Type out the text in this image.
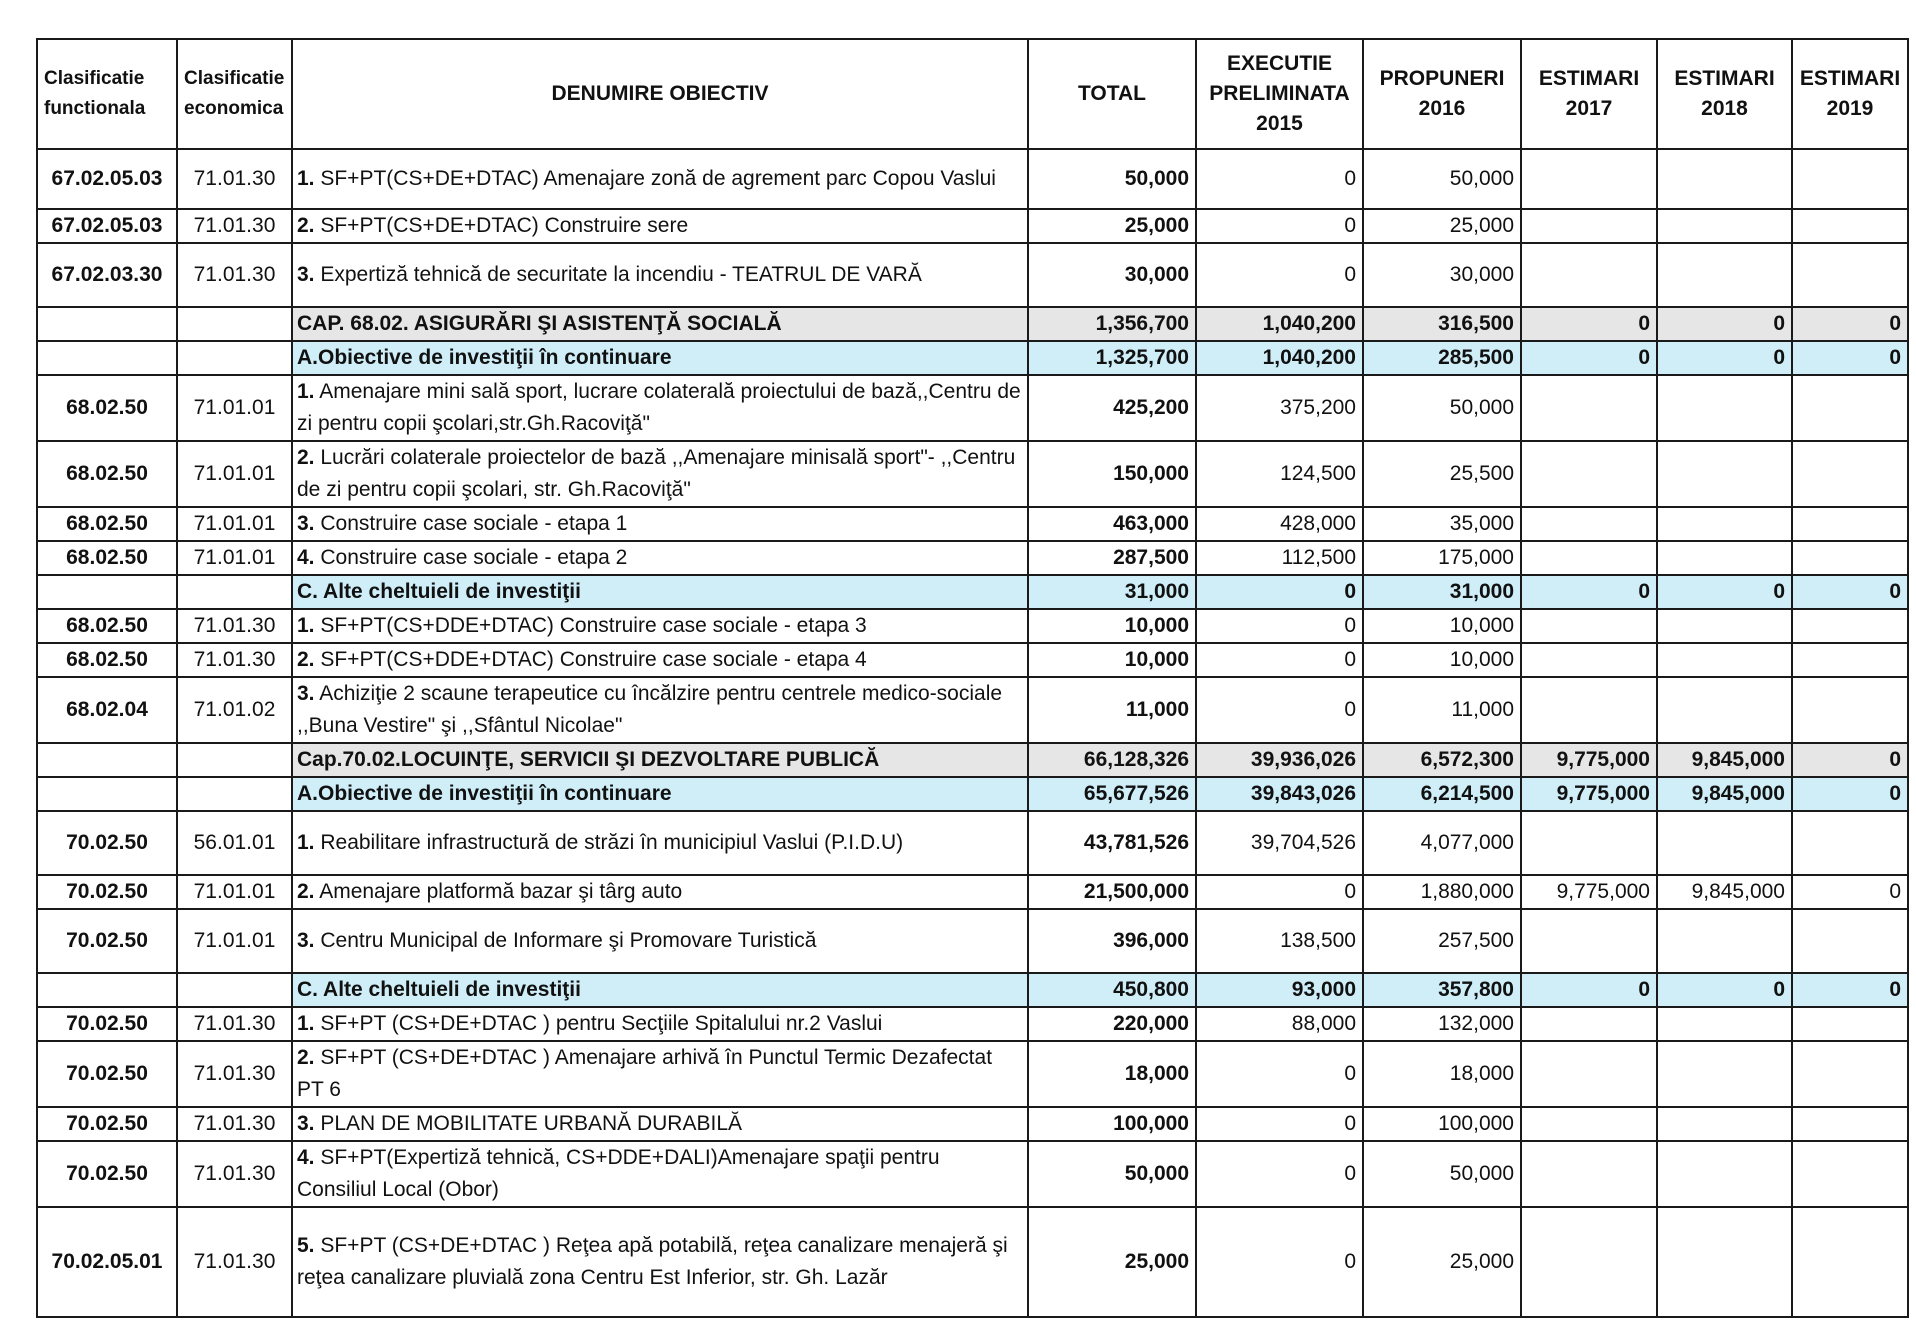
Clasificatie functionala	Clasificatie economica	DENUMIRE OBIECTIV	TOTAL	EXECUTIE PRELIMINATA 2015	PROPUNERI 2016	ESTIMARI 2017	ESTIMARI 2018	ESTIMARI 2019
67.02.05.03	71.01.30	1. SF+PT(CS+DE+DTAC) Amenajare zonă de agrement parc Copou Vaslui	50,000	0	50,000			
67.02.05.03	71.01.30	2. SF+PT(CS+DE+DTAC) Construire sere	25,000	0	25,000			
67.02.03.30	71.01.30	3. Expertiză tehnică de securitate la incendiu - TEATRUL DE VARĂ	30,000	0	30,000			
		CAP. 68.02. ASIGURĂRI ŞI ASISTENŢĂ SOCIALĂ	1,356,700	1,040,200	316,500	0	0	0
		A.Obiective de investiţii în continuare	1,325,700	1,040,200	285,500	0	0	0
68.02.50	71.01.01	1. Amenajare mini sală sport, lucrare colaterală proiectului de bază,,Centru de zi pentru copii şcolari,str.Gh.Racoviţă"	425,200	375,200	50,000			
68.02.50	71.01.01	2. Lucrări colaterale proiectelor de bază ,,Amenajare minisală sport"- ,,Centru de zi pentru copii şcolari, str. Gh.Racoviţă"	150,000	124,500	25,500			
68.02.50	71.01.01	3. Construire case sociale - etapa 1	463,000	428,000	35,000			
68.02.50	71.01.01	4. Construire case sociale - etapa 2	287,500	112,500	175,000			
		C. Alte cheltuieli de investiţii	31,000	0	31,000	0	0	0
68.02.50	71.01.30	1. SF+PT(CS+DDE+DTAC) Construire case sociale - etapa 3	10,000	0	10,000			
68.02.50	71.01.30	2. SF+PT(CS+DDE+DTAC) Construire case sociale - etapa 4	10,000	0	10,000			
68.02.04	71.01.02	3. Achiziţie 2 scaune terapeutice cu încălzire pentru centrele medico-sociale ,,Buna Vestire" şi ,,Sfântul Nicolae"	11,000	0	11,000			
		Cap.70.02.LOCUINŢE, SERVICII ŞI DEZVOLTARE PUBLICĂ	66,128,326	39,936,026	6,572,300	9,775,000	9,845,000	0
		A.Obiective de investiţii în continuare	65,677,526	39,843,026	6,214,500	9,775,000	9,845,000	0
70.02.50	56.01.01	1. Reabilitare infrastructură de străzi în municipiul Vaslui (P.I.D.U)	43,781,526	39,704,526	4,077,000			
70.02.50	71.01.01	2. Amenajare platformă bazar şi târg auto	21,500,000	0	1,880,000	9,775,000	9,845,000	0
70.02.50	71.01.01	3. Centru Municipal de Informare şi Promovare Turistică	396,000	138,500	257,500			
		C. Alte cheltuieli de investiţii	450,800	93,000	357,800	0	0	0
70.02.50	71.01.30	1. SF+PT (CS+DE+DTAC ) pentru Secţiile Spitalului nr.2 Vaslui	220,000	88,000	132,000			
70.02.50	71.01.30	2. SF+PT (CS+DE+DTAC ) Amenajare arhivă în Punctul Termic Dezafectat PT 6	18,000	0	18,000			
70.02.50	71.01.30	3. PLAN DE MOBILITATE URBANĂ DURABILĂ	100,000	0	100,000			
70.02.50	71.01.30	4. SF+PT(Expertiză tehnică, CS+DDE+DALI)Amenajare spaţii pentru Consiliul Local (Obor)	50,000	0	50,000			
70.02.05.01	71.01.30	5. SF+PT (CS+DE+DTAC ) Reţea apă potabilă, reţea canalizare menajeră şi reţea canalizare pluvială zona Centru Est Inferior, str. Gh. Lazăr	25,000	0	25,000			
